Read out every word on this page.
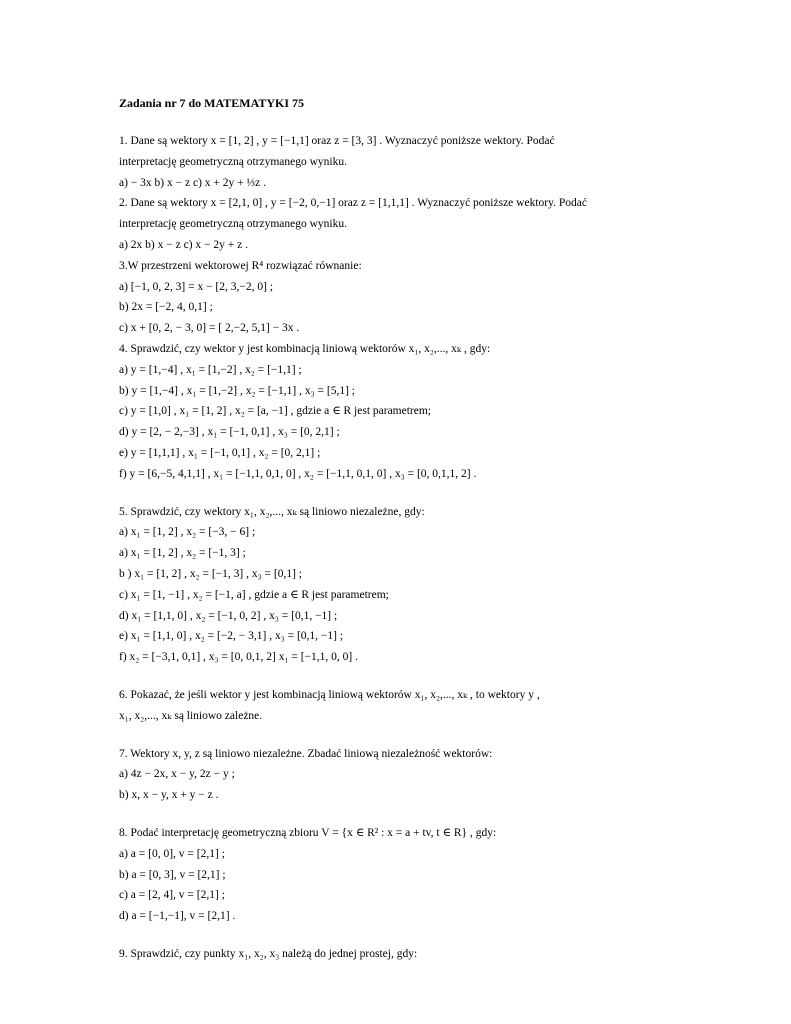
Zadania nr 7 do MATEMATYKI 75
1. Dane są wektory x = [1, 2] , y = [−1,1] oraz z = [3, 3] . Wyznaczyć poniższe wektory. Podać
interpretację geometryczną otrzymanego wyniku.
a) − 3x b) x − z c) x + 2y + ⅓z .
2. Dane są wektory x = [2,1, 0] , y = [−2, 0,−1] oraz z = [1,1,1] . Wyznaczyć poniższe wektory. Podać
interpretację geometryczną otrzymanego wyniku.
a) 2x b) x − z c) x − 2y + z .
3.W przestrzeni wektorowej R⁴ rozwiązać równanie:
a) [−1, 0, 2, 3] = x − [2, 3,−2, 0] ;
b) 2x = [−2, 4, 0,1] ;
c) x + [0, 2, − 3, 0] = [ 2,−2, 5,1] − 3x .
4. Sprawdzić, czy wektor y jest kombinacją liniową wektorów x₁, x₂,..., xₖ , gdy:
a) y = [1,−4] , x₁ = [1,−2] , x₂ = [−1,1] ;
b) y = [1,−4] , x₁ = [1,−2] , x₂ = [−1,1] , x₃ = [5,1] ;
c) y = [1,0] , x₁ = [1, 2] , x₂ = [a, −1] , gdzie a ∈ R jest parametrem;
d) y = [2, − 2,−3] , x₁ = [−1, 0,1] , x₃ = [0, 2,1] ;
e) y = [1,1,1] , x₁ = [−1, 0,1] , x₂ = [0, 2,1] ;
f) y = [6,−5, 4,1,1] , x₁ = [−1,1, 0,1, 0] , x₂ = [−1,1, 0,1, 0] , x₃ = [0, 0,1,1, 2] .
5. Sprawdzić, czy wektory x₁, x₂,..., xₖ są liniowo niezależne, gdy:
a) x₁ = [1, 2] , x₂ = [−3, − 6] ;
a) x₁ = [1, 2] , x₂ = [−1, 3] ;
b ) x₁ = [1, 2] , x₂ = [−1, 3] , x₃ = [0,1] ;
c) x₁ = [1, −1] , x₂ = [−1, a] , gdzie a ∈ R jest parametrem;
d) x₁ = [1,1, 0] , x₂ = [−1, 0, 2] , x₃ = [0,1, −1] ;
e) x₁ = [1,1, 0] , x₂ = [−2, − 3,1] , x₃ = [0,1, −1] ;
f) x₂ = [−3,1, 0,1] , x₃ = [0, 0,1, 2] x₁ = [−1,1, 0, 0] .
6. Pokazać, że jeśli wektor y jest kombinacją liniową wektorów x₁, x₂,..., xₖ , to wektory y ,
x₁, x₂,..., xₖ są liniowo zależne.
7. Wektory x, y, z są liniowo niezależne. Zbadać liniową niezależność wektorów:
a) 4z − 2x, x − y, 2z − y ;
b) x, x − y, x + y − z .
8. Podać interpretację geometryczną zbioru V = {x ∈ R² : x = a + tv, t ∈ R} , gdy:
a) a = [0, 0], v = [2,1] ;
b) a = [0, 3], v = [2,1] ;
c) a = [2, 4], v = [2,1] ;
d) a = [−1,−1], v = [2,1] .
9. Sprawdzić, czy punkty x₁, x₂, x₃ należą do jednej prostej, gdy:
